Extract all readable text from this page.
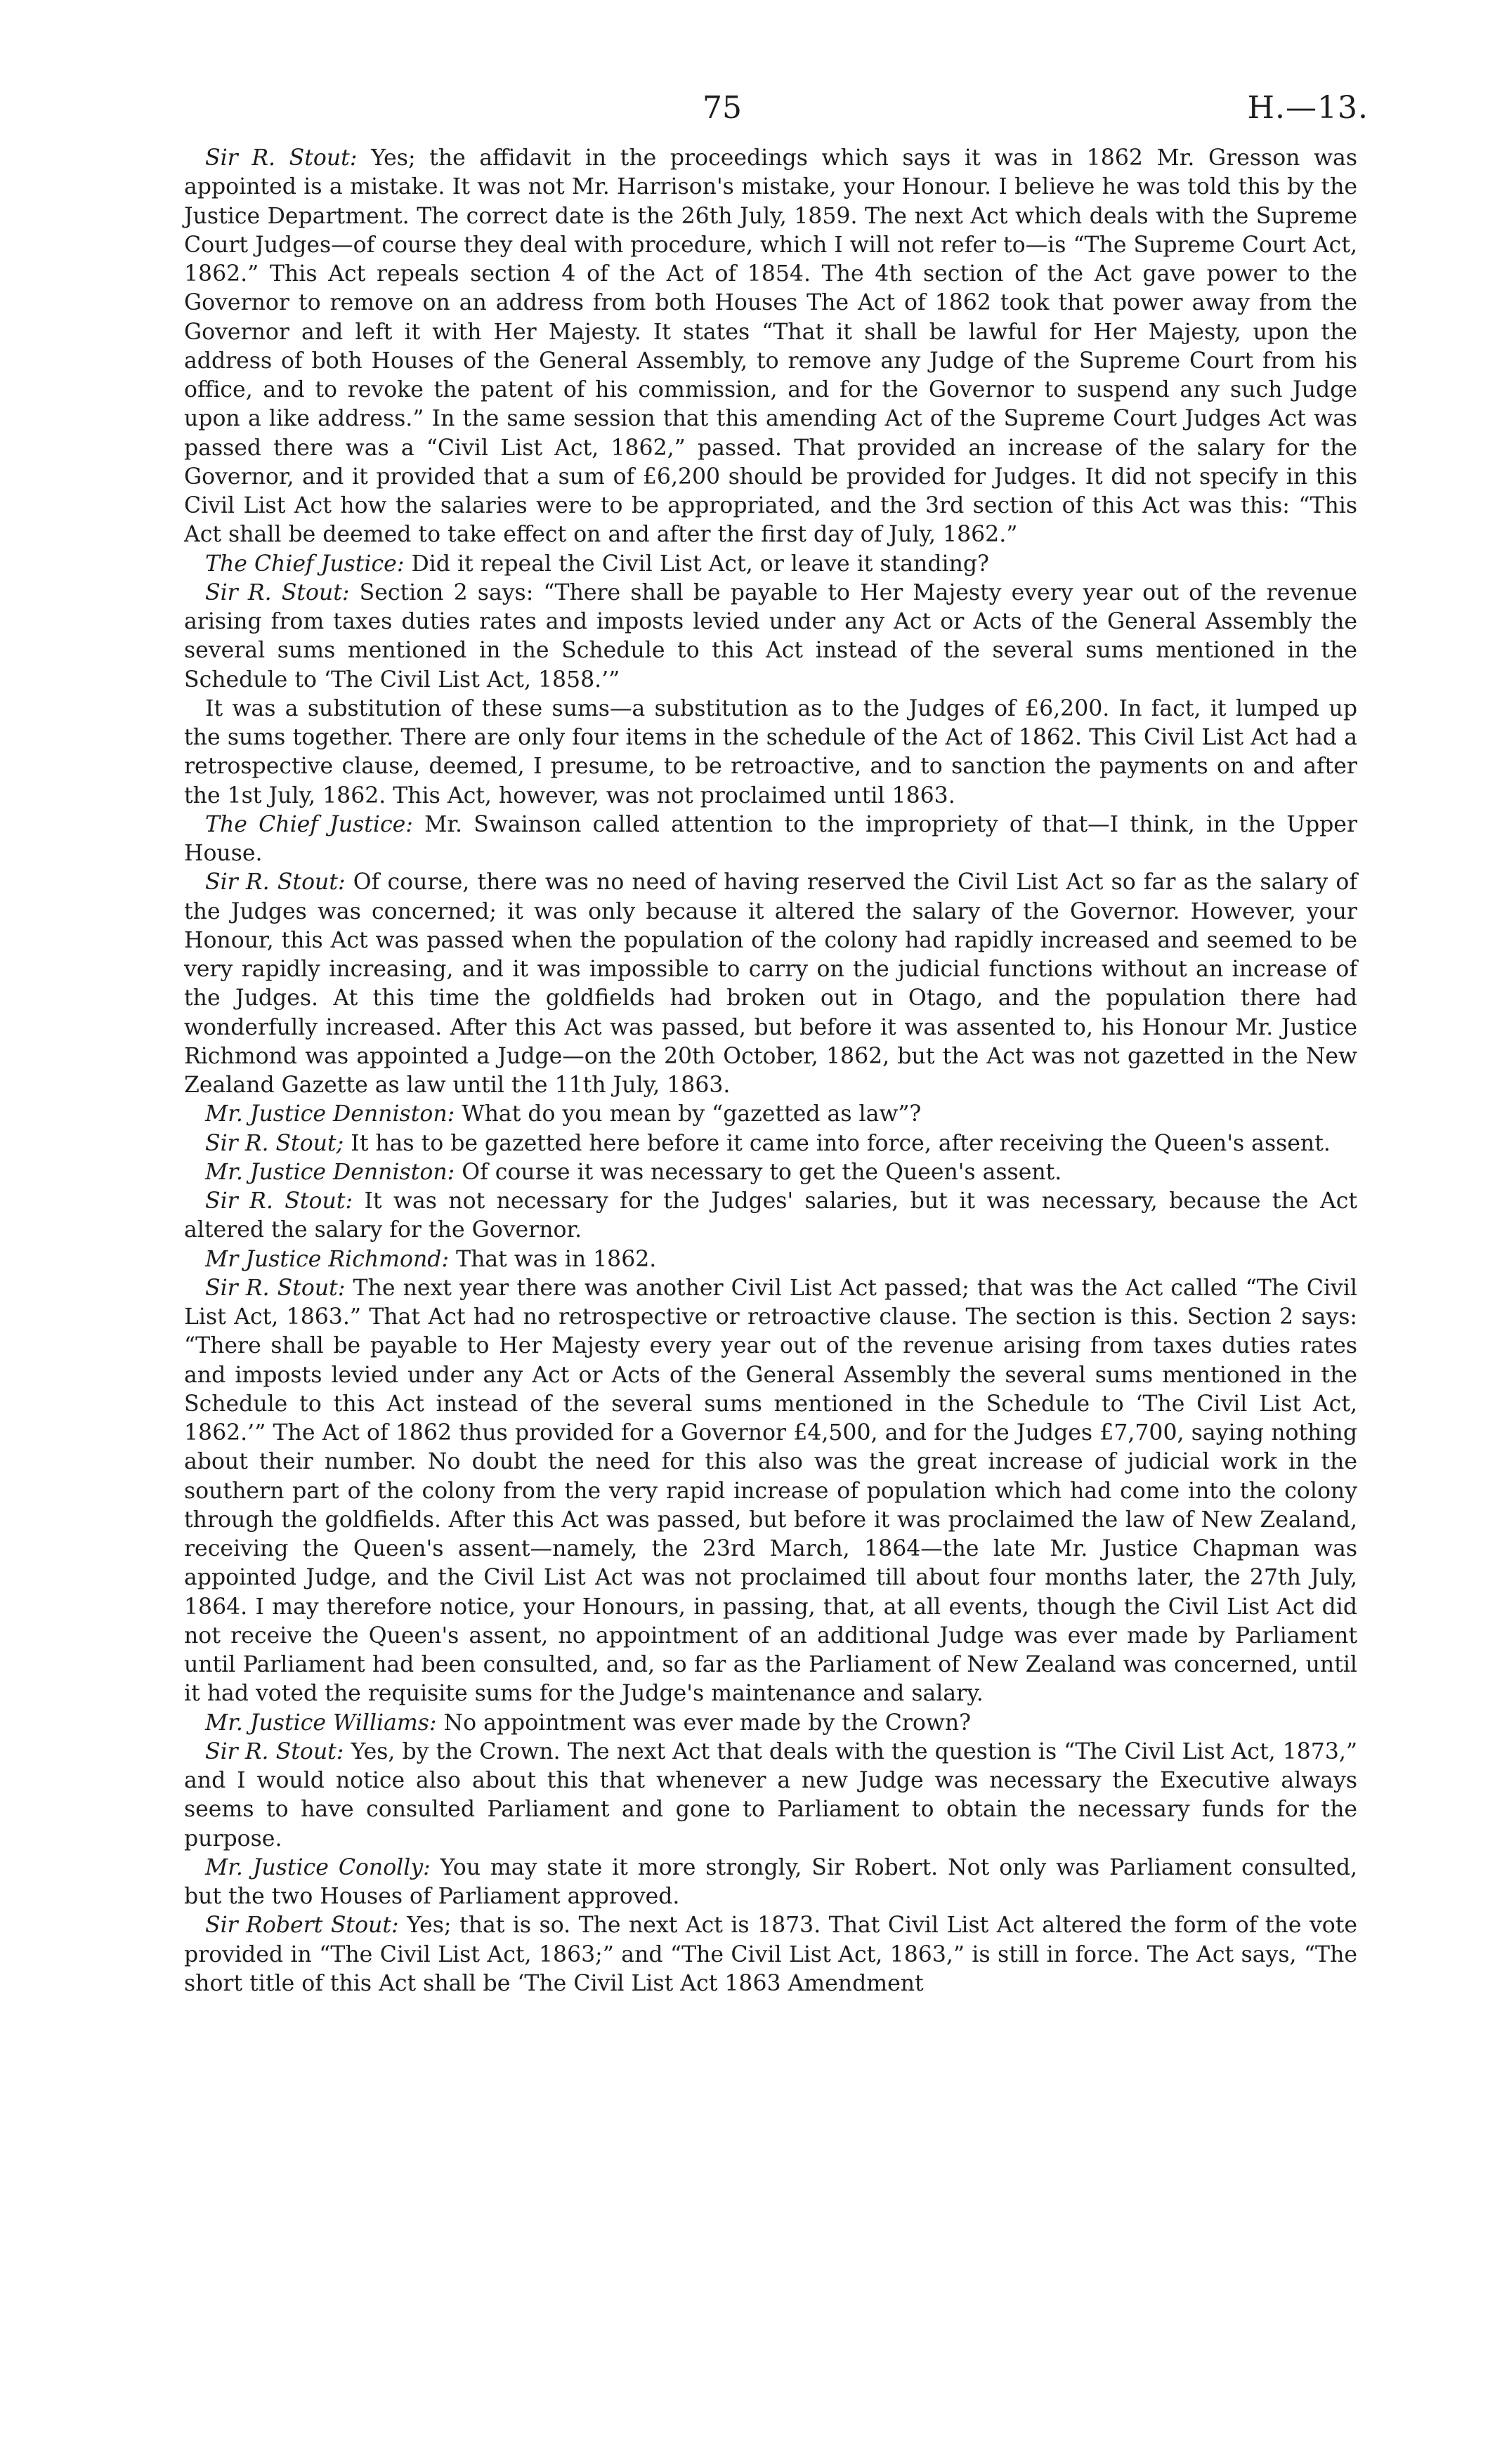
75	H.—13.

Sir R. Stout: Yes; the affidavit in the proceedings which says it was in 1862 Mr. Gresson was appointed is a mistake. It was not Mr. Harrison's mistake, your Honour. I believe he was told this by the Justice Department. The correct date is the 26th July, 1859. The next Act which deals with the Supreme Court Judges—of course they deal with procedure, which I will not refer to—is “The Supreme Court Act, 1862.” This Act repeals section 4 of the Act of 1854. The 4th section of the Act gave power to the Governor to remove on an address from both Houses The Act of 1862 took that power away from the Governor and left it with Her Majesty. It states “That it shall be lawful for Her Majesty, upon the address of both Houses of the General Assembly, to remove any Judge of the Supreme Court from his office, and to revoke the patent of his commission, and for the Governor to suspend any such Judge upon a like address.” In the same session that this amending Act of the Supreme Court Judges Act was passed there was a “Civil List Act, 1862,” passed. That provided an increase of the salary for the Governor, and it provided that a sum of £6,200 should be provided for Judges. It did not specify in this Civil List Act how the salaries were to be appropriated, and the 3rd section of this Act was this: “This Act shall be deemed to take effect on and after the first day of July, 1862.”

The Chief Justice: Did it repeal the Civil List Act, or leave it standing?

Sir R. Stout: Section 2 says: “There shall be payable to Her Majesty every year out of the revenue arising from taxes duties rates and imposts levied under any Act or Acts of the General Assembly the several sums mentioned in the Schedule to this Act instead of the several sums mentioned in the Schedule to ‘The Civil List Act, 1858.’”

It was a substitution of these sums—a substitution as to the Judges of £6,200. In fact, it lumped up the sums together. There are only four items in the schedule of the Act of 1862. This Civil List Act had a retrospective clause, deemed, I presume, to be retroactive, and to sanction the payments on and after the 1st July, 1862. This Act, however, was not proclaimed until 1863.

The Chief Justice: Mr. Swainson called attention to the impropriety of that—I think, in the Upper House.

Sir R. Stout: Of course, there was no need of having reserved the Civil List Act so far as the salary of the Judges was concerned; it was only because it altered the salary of the Governor. However, your Honour, this Act was passed when the population of the colony had rapidly increased and seemed to be very rapidly increasing, and it was impossible to carry on the judicial functions without an increase of the Judges. At this time the goldfields had broken out in Otago, and the population there had wonderfully increased. After this Act was passed, but before it was assented to, his Honour Mr. Justice Richmond was appointed a Judge—on the 20th October, 1862, but the Act was not gazetted in the New Zealand Gazette as law until the 11th July, 1863.

Mr. Justice Denniston: What do you mean by “gazetted as law”?

Sir R. Stout; It has to be gazetted here before it came into force, after receiving the Queen's assent.

Mr. Justice Denniston: Of course it was necessary to get the Queen's assent.

Sir R. Stout: It was not necessary for the Judges' salaries, but it was necessary, because the Act altered the salary for the Governor.

Mr Justice Richmond: That was in 1862.

Sir R. Stout: The next year there was another Civil List Act passed; that was the Act called “The Civil List Act, 1863.” That Act had no retrospective or retroactive clause. The section is this. Section 2 says: “There shall be payable to Her Majesty every year out of the revenue arising from taxes duties rates and imposts levied under any Act or Acts of the General Assembly the several sums mentioned in the Schedule to this Act instead of the several sums mentioned in the Schedule to ‘The Civil List Act, 1862.’” The Act of 1862 thus provided for a Governor £4,500, and for the Judges £7,700, saying nothing about their number. No doubt the need for this also was the great increase of judicial work in the southern part of the colony from the very rapid increase of population which had come into the colony through the goldfields. After this Act was passed, but before it was proclaimed the law of New Zealand, receiving the Queen's assent—namely, the 23rd March, 1864—the late Mr. Justice Chapman was appointed Judge, and the Civil List Act was not proclaimed till about four months later, the 27th July, 1864. I may therefore notice, your Honours, in passing, that, at all events, though the Civil List Act did not receive the Queen's assent, no appointment of an additional Judge was ever made by Parliament until Parliament had been consulted, and, so far as the Parliament of New Zealand was concerned, until it had voted the requisite sums for the Judge's maintenance and salary.

Mr. Justice Williams: No appointment was ever made by the Crown?

Sir R. Stout: Yes, by the Crown. The next Act that deals with the question is “The Civil List Act, 1873,” and I would notice also about this that whenever a new Judge was necessary the Executive always seems to have consulted Parliament and gone to Parliament to obtain the necessary funds for the purpose.

Mr. Justice Conolly: You may state it more strongly, Sir Robert. Not only was Parliament consulted, but the two Houses of Parliament approved.

Sir Robert Stout: Yes; that is so. The next Act is 1873. That Civil List Act altered the form of the vote provided in “The Civil List Act, 1863;” and “The Civil List Act, 1863,” is still in force. The Act says, “The short title of this Act shall be ‘The Civil List Act 1863 Amendment
